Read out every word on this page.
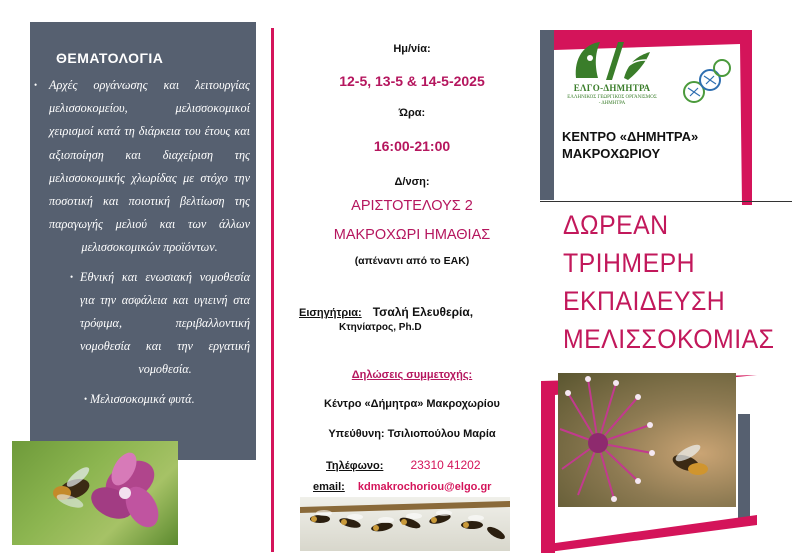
ΘΕΜΑΤΟΛΟΓΙΑ
• Αρχές οργάνωσης και λειτουργίας μελισσοκομείου, μελισσοκομικοί χειρισμοί κατά τη διάρκεια του έτους και αξιοποίηση και διαχείριση της μελισσοκομικής χλωρίδας με στόχο την ποσοτική και ποιοτική βελτίωση της παραγωγής μελιού και των άλλων μελισσοκομικών προϊόντων.
• Εθνική και ενωσιακή νομοθεσία για την ασφάλεια και υγιεινή στα τρόφιμα, περιβαλλοντική νομοθεσία και την εργατική νομοθεσία.
• Μελισσοκομικά φυτά.
Ημ/νία:
12-5, 13-5 & 14-5-2025
Ώρα:
16:00-21:00
Δ/νση:
ΑΡΙΣΤΟΤΕΛΟΥΣ 2
ΜΑΚΡΟΧΩΡΙ ΗΜΑΘΙΑΣ
(απέναντι από το ΕΑΚ)
Εισηγήτρια: Τσαλή Ελευθερία,
Κτηνίατρος, Ph.D
Δηλώσεις συμμετοχής:
Κέντρο «Δήμητρα» Μακροχωρίου
Υπεύθυνη: Τσιλιοπούλου Μαρία
Τηλέφωνο: 23310 41202
email: kdmakrochoriou@elgo.gr
ΕΛΓΟ-ΔΗΜΗΤΡΑ
ΕΛΛΗΝΙΚΟΣ ΓΕΩΡΓΙΚΟΣ ΟΡΓΑΝΙΣΜΟΣ - ΔΗΜΗΤΡΑ
ΚΕΝΤΡΟ «ΔΗΜΗΤΡΑ»
ΜΑΚΡΟΧΩΡΙΟΥ
ΔΩΡΕΑΝ
ΤΡΙΗΜΕΡΗ
ΕΚΠΑΙΔΕΥΣΗ
ΜΕΛΙΣΣΟΚΟΜΙΑΣ
